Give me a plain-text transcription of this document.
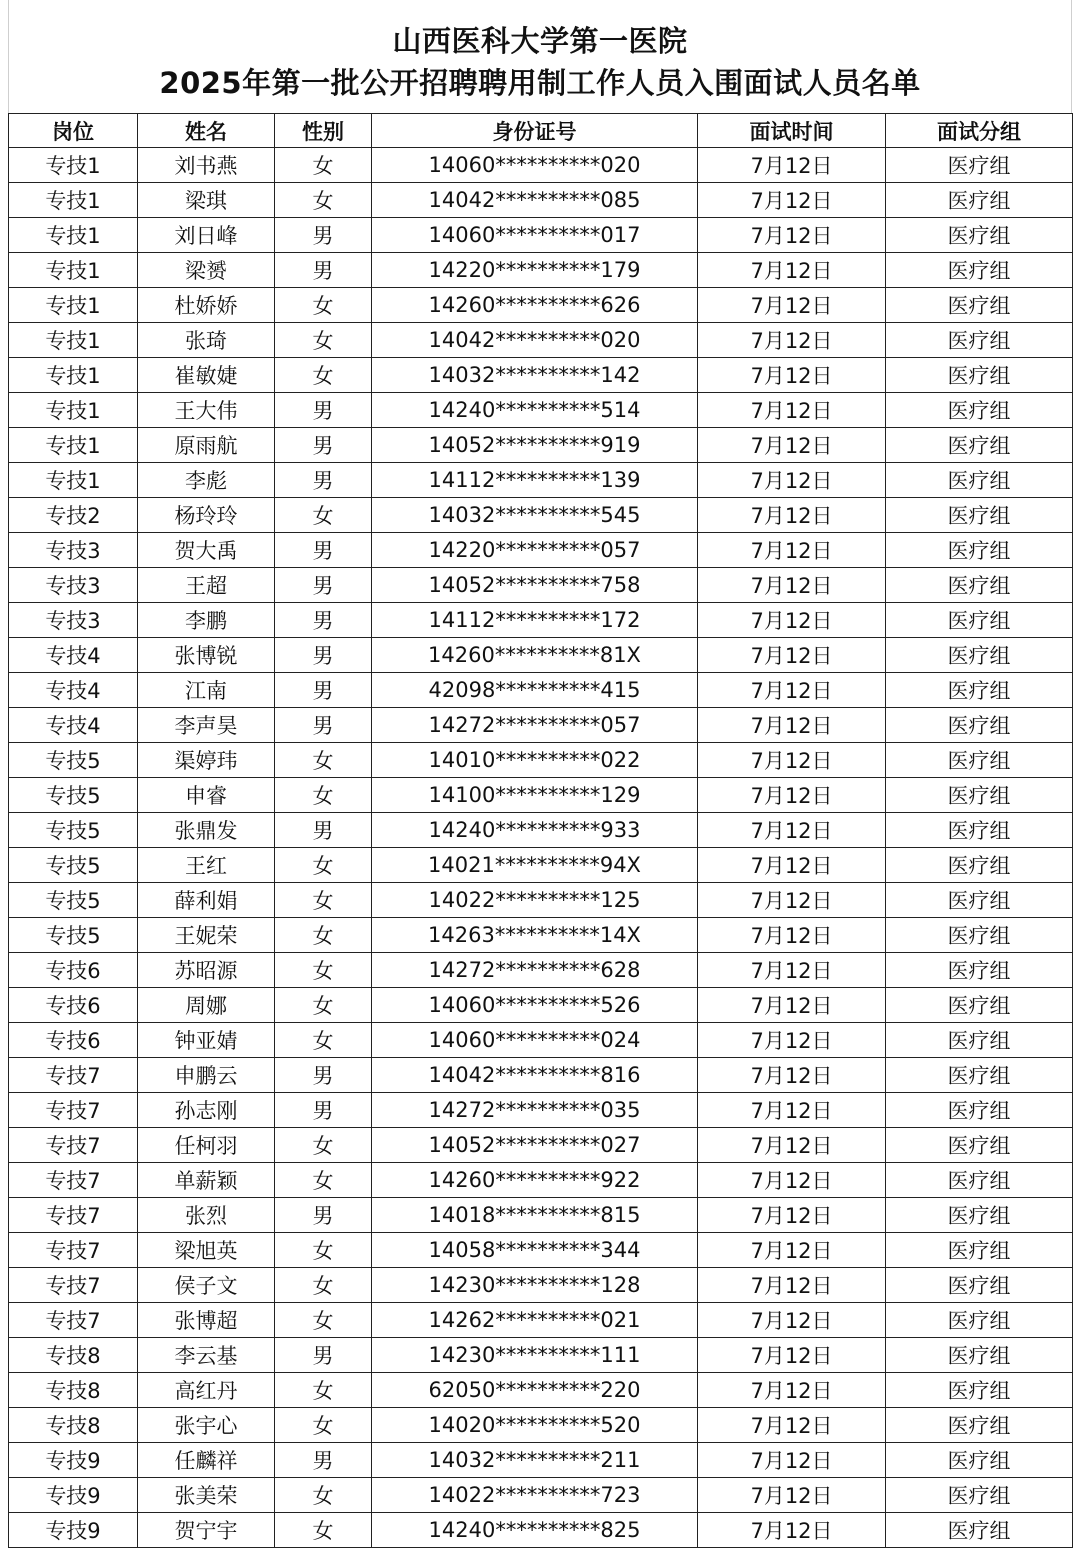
山西医科大学第一医院
2025年第一批公开招聘聘用制工作人员入围面试人员名单
岗位	姓名	性别	身份证号	面试时间	面试分组
专技1	刘书燕	女	14060**********020	7月12日	医疗组
专技1	梁琪	女	14042**********085	7月12日	医疗组
专技1	刘日峰	男	14060**********017	7月12日	医疗组
专技1	梁赟	男	14220**********179	7月12日	医疗组
专技1	杜娇娇	女	14260**********626	7月12日	医疗组
专技1	张琦	女	14042**********020	7月12日	医疗组
专技1	崔敏婕	女	14032**********142	7月12日	医疗组
专技1	王大伟	男	14240**********514	7月12日	医疗组
专技1	原雨航	男	14052**********919	7月12日	医疗组
专技1	李彪	男	14112**********139	7月12日	医疗组
专技2	杨玲玲	女	14032**********545	7月12日	医疗组
专技3	贺大禹	男	14220**********057	7月12日	医疗组
专技3	王超	男	14052**********758	7月12日	医疗组
专技3	李鹏	男	14112**********172	7月12日	医疗组
专技4	张博锐	男	14260**********81X	7月12日	医疗组
专技4	江南	男	42098**********415	7月12日	医疗组
专技4	李声昊	男	14272**********057	7月12日	医疗组
专技5	渠婷玮	女	14010**********022	7月12日	医疗组
专技5	申睿	女	14100**********129	7月12日	医疗组
专技5	张鼎发	男	14240**********933	7月12日	医疗组
专技5	王红	女	14021**********94X	7月12日	医疗组
专技5	薛利娟	女	14022**********125	7月12日	医疗组
专技5	王妮荣	女	14263**********14X	7月12日	医疗组
专技6	苏昭源	女	14272**********628	7月12日	医疗组
专技6	周娜	女	14060**********526	7月12日	医疗组
专技6	钟亚婧	女	14060**********024	7月12日	医疗组
专技7	申鹏云	男	14042**********816	7月12日	医疗组
专技7	孙志刚	男	14272**********035	7月12日	医疗组
专技7	任柯羽	女	14052**********027	7月12日	医疗组
专技7	单薪颖	女	14260**********922	7月12日	医疗组
专技7	张烈	男	14018**********815	7月12日	医疗组
专技7	梁旭英	女	14058**********344	7月12日	医疗组
专技7	侯子文	女	14230**********128	7月12日	医疗组
专技7	张博超	女	14262**********021	7月12日	医疗组
专技8	李云基	男	14230**********111	7月12日	医疗组
专技8	高红丹	女	62050**********220	7月12日	医疗组
专技8	张宇心	女	14020**********520	7月12日	医疗组
专技9	任麟祥	男	14032**********211	7月12日	医疗组
专技9	张美荣	女	14022**********723	7月12日	医疗组
专技9	贺宁宇	女	14240**********825	7月12日	医疗组
